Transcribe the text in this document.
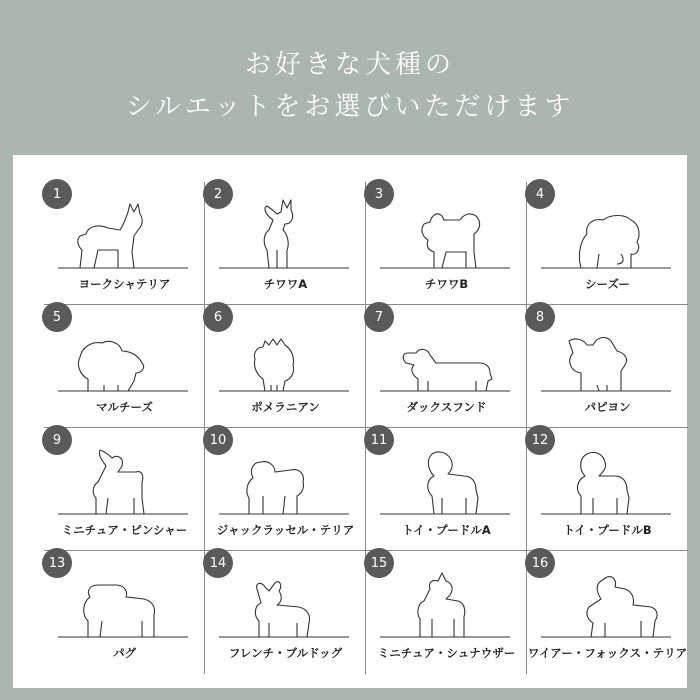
お好きな犬種の
シルエットをお選びいただけます
1
ヨークシャテリア
2
チワワA
3
チワワB
4
シーズー
5
マルチーズ
6
ポメラニアン
7
ダックスフンド
8
パピヨン
9
ミニチュア・ピンシャー
10
ジャックラッセル・テリア
11
トイ・プードルA
12
トイ・プードルB
13
パグ
14
フレンチ・ブルドッグ
15
ミニチュア・シュナウザー
16
ワイアー・フォックス・テリア
